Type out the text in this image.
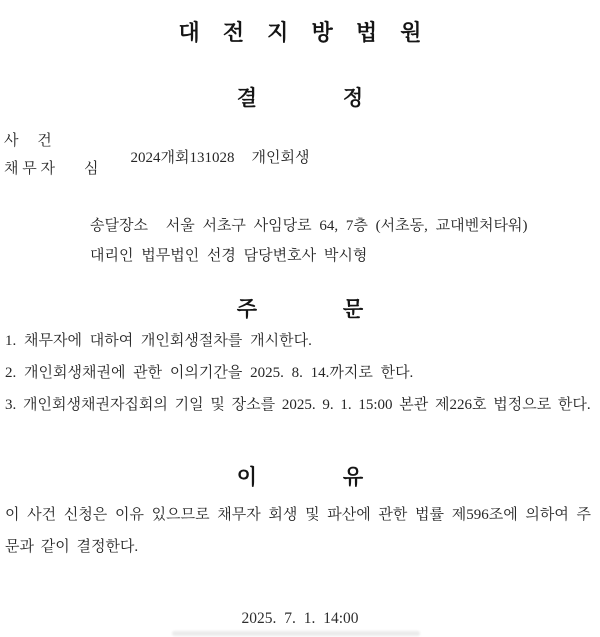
대 전 지 방 법 원
결 정
사     건

2024개회131028 개인회생

채 무 자 심
송달장소 서울 서초구 사임당로 64, 7층 (서초동, 교대벤처타워)
대리인 법무법인 선경 담당변호사 박시형
주 문
1. 채무자에 대하여 개인회생절차를 개시한다.
2. 개인회생채권에 관한 이의기간을 2025. 8. 14.까지로 한다.
3. 개인회생채권자집회의 기일 및 장소를 2025. 9. 1. 15:00 본관 제226호 법정으로 한다.
이 유
이 사건 신청은 이유 있으므로 채무자 회생 및 파산에 관한 법률 제596조에 의하여 주문과 같이 결정한다.
2025. 7. 1. 14:00
